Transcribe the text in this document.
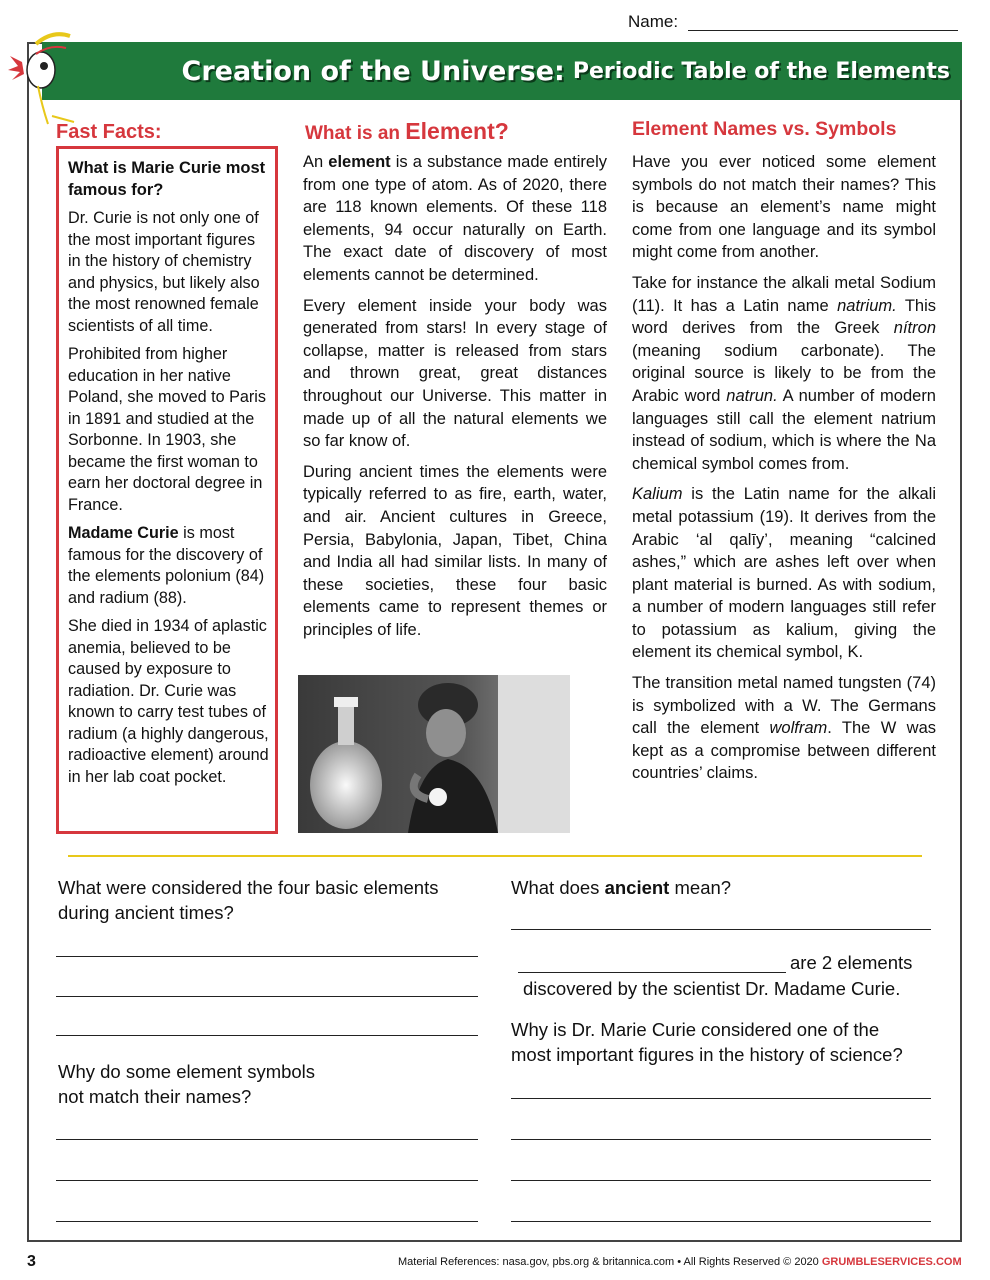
Name:
Creation of the Universe: Periodic Table of the Elements
Fast Facts:

What is Marie Curie most famous for?

Dr. Curie is not only one of the most important figures in the history of chemistry and physics, but likely also the most renowned female scientists of all time.

Prohibited from higher education in her native Poland, she moved to Paris in 1891 and studied at the Sorbonne. In 1903, she became the first woman to earn her doctoral degree in France.

Madame Curie is most famous for the discovery of the elements polonium (84) and radium (88).

She died in 1934 of aplastic anemia, believed to be caused by exposure to radiation. Dr. Curie was known to carry test tubes of radium (a highly dangerous, radioactive element) around in her lab coat pocket.

What is an Element?

An element is a substance made entirely from one type of atom. As of 2020, there are 118 known elements. Of these 118 elements, 94 occur naturally on Earth. The exact date of discovery of most elements cannot be determined.

Every element inside your body was generated from stars! In every stage of collapse, matter is released from stars and thrown great, great distances throughout our Universe. This matter in made up of all the natural elements we so far know of.

During ancient times the elements were typically referred to as fire, earth, water, and air. Ancient cultures in Greece, Persia, Babylonia, Japan, Tibet, China and India all had similar lists. In many of these societies, these four basic elements came to represent themes or principles of life.

Element Names vs. Symbols

Have you ever noticed some element symbols do not match their names? This is because an element’s name might come from one language and its symbol might come from another.

Take for instance the alkali metal Sodium (11). It has a Latin name natrium. This word derives from the Greek nítron (meaning sodium carbonate). The original source is likely to be from the Arabic word natrun. A number of modern languages still call the element natrium instead of sodium, which is where the Na chemical symbol comes from.

Kalium is the Latin name for the alkali metal potassium (19). It derives from the Arabic ‘al qalīy’, meaning “calcined ashes,” which are ashes left over when plant material is burned. As with sodium, a number of modern languages still refer to potassium as kalium, giving the element its chemical symbol, K.

The transition metal named tungsten (74) is symbolized with a W. The Germans call the element wolfram. The W was kept as a compromise between different countries’ claims.

What were considered the four basic elements
during ancient times?
Why do some element symbols
not match their names?
What does ancient mean?
are 2 elements
discovered by the scientist Dr. Madame Curie.
Why is Dr. Marie Curie considered one of the
most important figures in the history of science?
3	Material References: nasa.gov, pbs.org & britannica.com • All Rights Reserved © 2020 GRUMBLESERVICES.COM
